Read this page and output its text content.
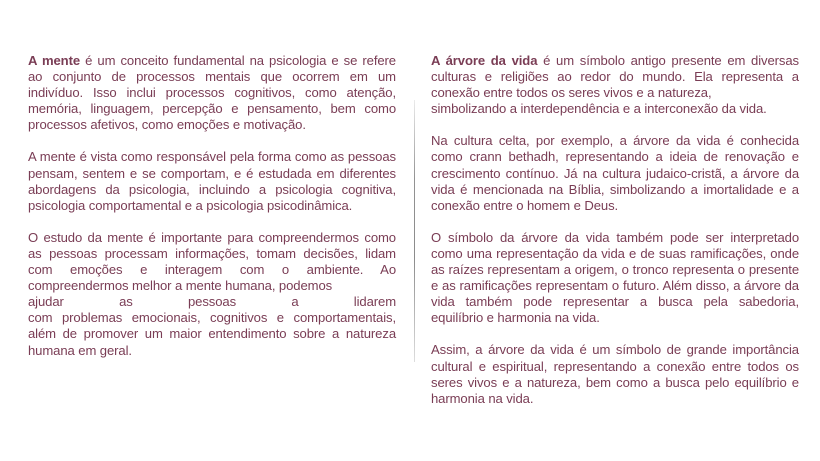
A mente é um conceito fundamental na psicologia e se refere ao conjunto de processos mentais que ocorrem em um indivíduo. Isso inclui processos cognitivos, como atenção, memória, linguagem, percepção e pensamento, bem como processos afetivos, como emoções e motivação.

A mente é vista como responsável pela forma como as pessoas pensam, sentem e se comportam, e é estudada em diferentes abordagens da psicologia, incluindo a psicologia cognitiva, psicologia comportamental e a psicologia psicodinâmica.

O estudo da mente é importante para compreendermos como as pessoas processam informações, tomam decisões, lidam com emoções e interagem com o ambiente. Ao compreendermos melhor a mente humana, podemos
ajudar as pessoas a lidarem
com problemas emocionais, cognitivos e comportamentais, além de promover um maior entendimento sobre a natureza humana em geral.

A árvore da vida é um símbolo antigo presente em diversas culturas e religiões ao redor do mundo. Ela representa a conexão entre todos os seres vivos e a natureza,
simbolizando a interdependência e a interconexão da vida.

Na cultura celta, por exemplo, a árvore da vida é conhecida como crann bethadh, representando a ideia de renovação e crescimento contínuo. Já na cultura judaico-cristã, a árvore da vida é mencionada na Bíblia, simbolizando a imortalidade e a conexão entre o homem e Deus.

O símbolo da árvore da vida também pode ser interpretado como uma representação da vida e de suas ramificações, onde as raízes representam a origem, o tronco representa o presente e as ramificações representam o futuro. Além disso, a árvore da vida também pode representar a busca pela sabedoria, equilíbrio e harmonia na vida.

Assim, a árvore da vida é um símbolo de grande importância cultural e espiritual, representando a conexão entre todos os seres vivos e a natureza, bem como a busca pelo equilíbrio e harmonia na vida.
